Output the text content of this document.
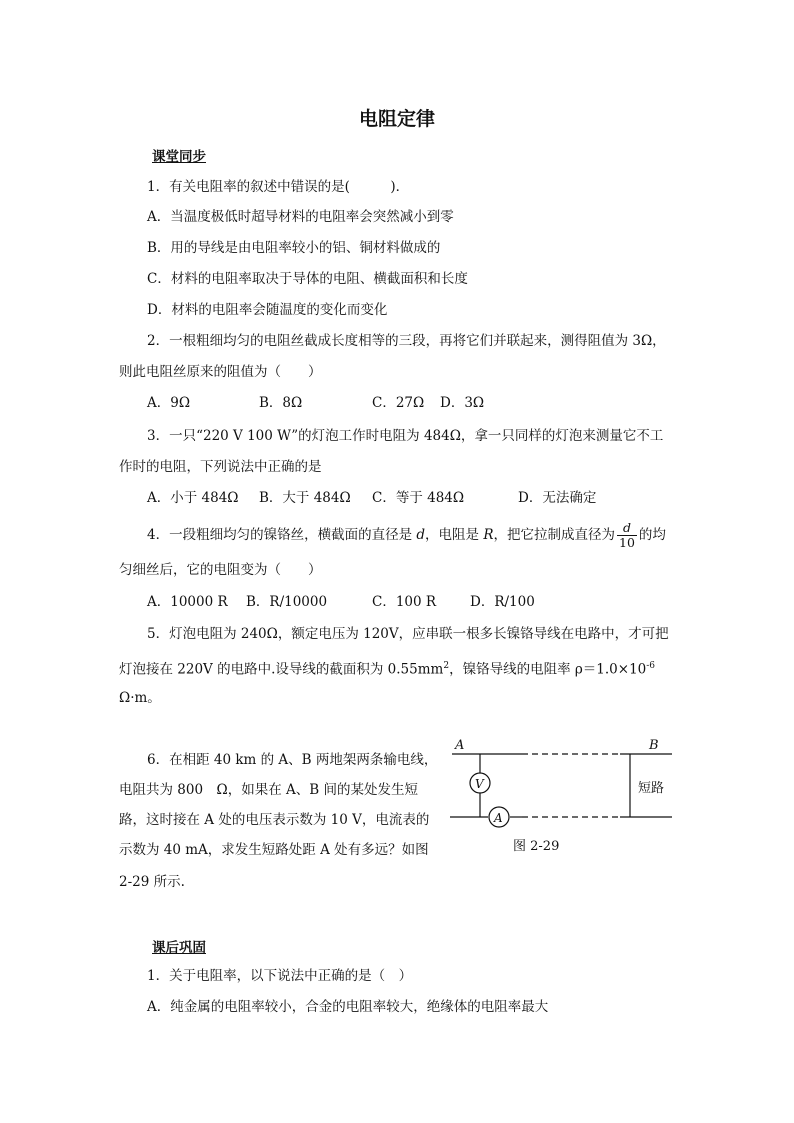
电阻定律
课堂同步
1．有关电阻率的叙述中错误的是(　　　)．
A．当温度极低时超导材料的电阻率会突然减小到零
B．用的导线是由电阻率较小的铝、铜材料做成的
C．材料的电阻率取决于导体的电阻、横截面积和长度
D．材料的电阻率会随温度的变化而变化
2．一根粗细均匀的电阻丝截成长度相等的三段，再将它们并联起来，测得阻值为 3Ω，
则此电阻丝原来的阻值为（　　）
A．9Ω	B．8Ω	C．27Ω D．3Ω
3．一只“220 V 100 W”的灯泡工作时电阻为 484Ω，拿一只同样的灯泡来测量它不工
作时的电阻，下列说法中正确的是
A．小于 484Ω B．大于 484Ω C．等于 484Ω	D．无法确定
4．一段粗细均匀的镍铬丝，横截面的直径是 d，电阻是 R，把它拉制成直径为 $\frac{d}{10}$ 的均
匀细丝后，它的电阻变为（　　）
A．10000 R B．R/10000	C．100 R	D．R/100
5．灯泡电阻为 240Ω，额定电压为 120V，应串联一根多长镍铬导线在电路中，才可把
灯泡接在 220V 的电路中.设导线的截面积为 $0.55mm^2$，镍铬导线的电阻率 $\rho=1.0\times 10^{-6}$
Ω·m。
6．在相距 40 km 的 A、B 两地架两条输电线，
电阻共为 800　Ω，如果在 A、B 间的某处发生短
路，这时接在 A 处的电压表示数为 10 V，电流表的
示数为 40 mA，求发生短路处距 A 处有多远？如图
2-29 所示.
A	B
V
A
短路
图 2-29
课后巩固
1．关于电阻率，以下说法中正确的是（　）
A．纯金属的电阻率较小，合金的电阻率较大，绝缘体的电阻率最大
